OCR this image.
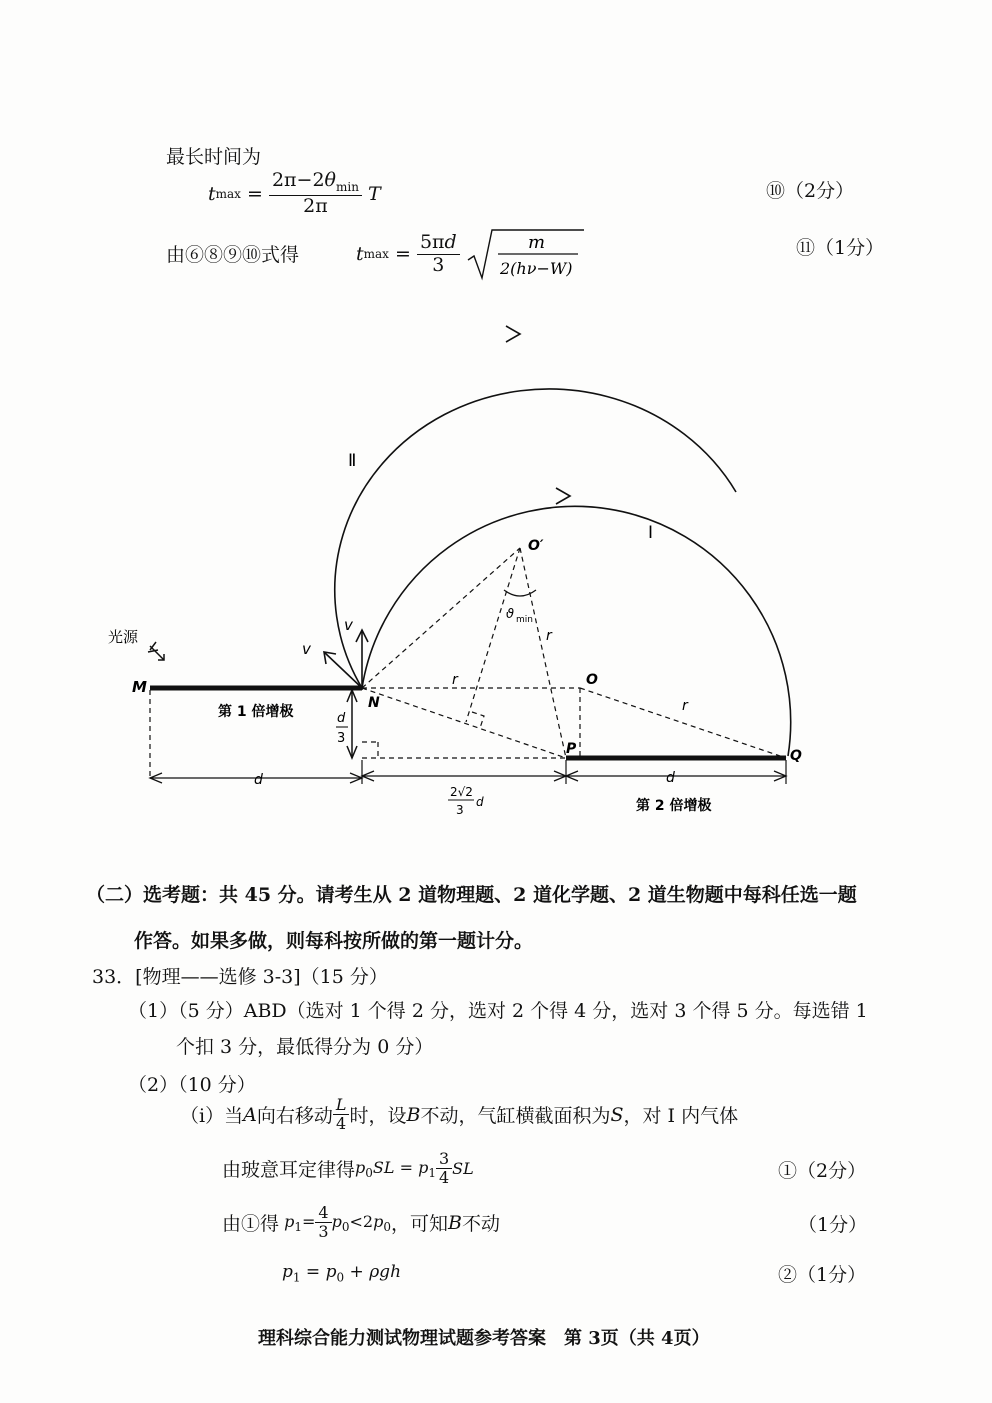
最长时间为
t $\max = \frac{2\pi-2\theta_{min}}{2\pi}$ T	⑩（2分）
由⑥⑧⑨⑩式得	t $\max = \frac{5\pi d}{3}$	m
2(hν−W)
⑪（1分）
光源
M
N
P	Q
O
O′
r
r
r
v
v
Ⅱ
Ⅰ
ϑ min
第 1 倍增极
第 2 倍增极
d	d
d
3
2√2
3
d
（二）选考题：共 45 分。请考生从 2 道物理题、2 道化学题、2 道生物题中每科任选一题
作答。如果多做，则每科按所做的第一题计分。
33．[物理——选修 3-3]（15 分）
（1）（5 分）ABD（选对 1 个得 2 分，选对 2 个得 4 分，选对 3 个得 5 分。每选错 1
个扣 3 分，最低得分为 0 分）
（2）（10 分）
（i）当 A 向右移动 $\frac{L}{4}$ 时，设 B 不动，气缸横截面积为 S ，对 I 内气体
由玻意耳定律得 $p_0SL = p_1 \frac{3}{4}$ SL	①（2分）
由①得 $p_1= \frac{4}{3} p_0<2p_0$ ，可知 B 不动	（1分）
$p_1 = p_0 + \rho gh$	②（1分）
理科综合能力测试物理试题参考答案　第 3页（共 4页）
